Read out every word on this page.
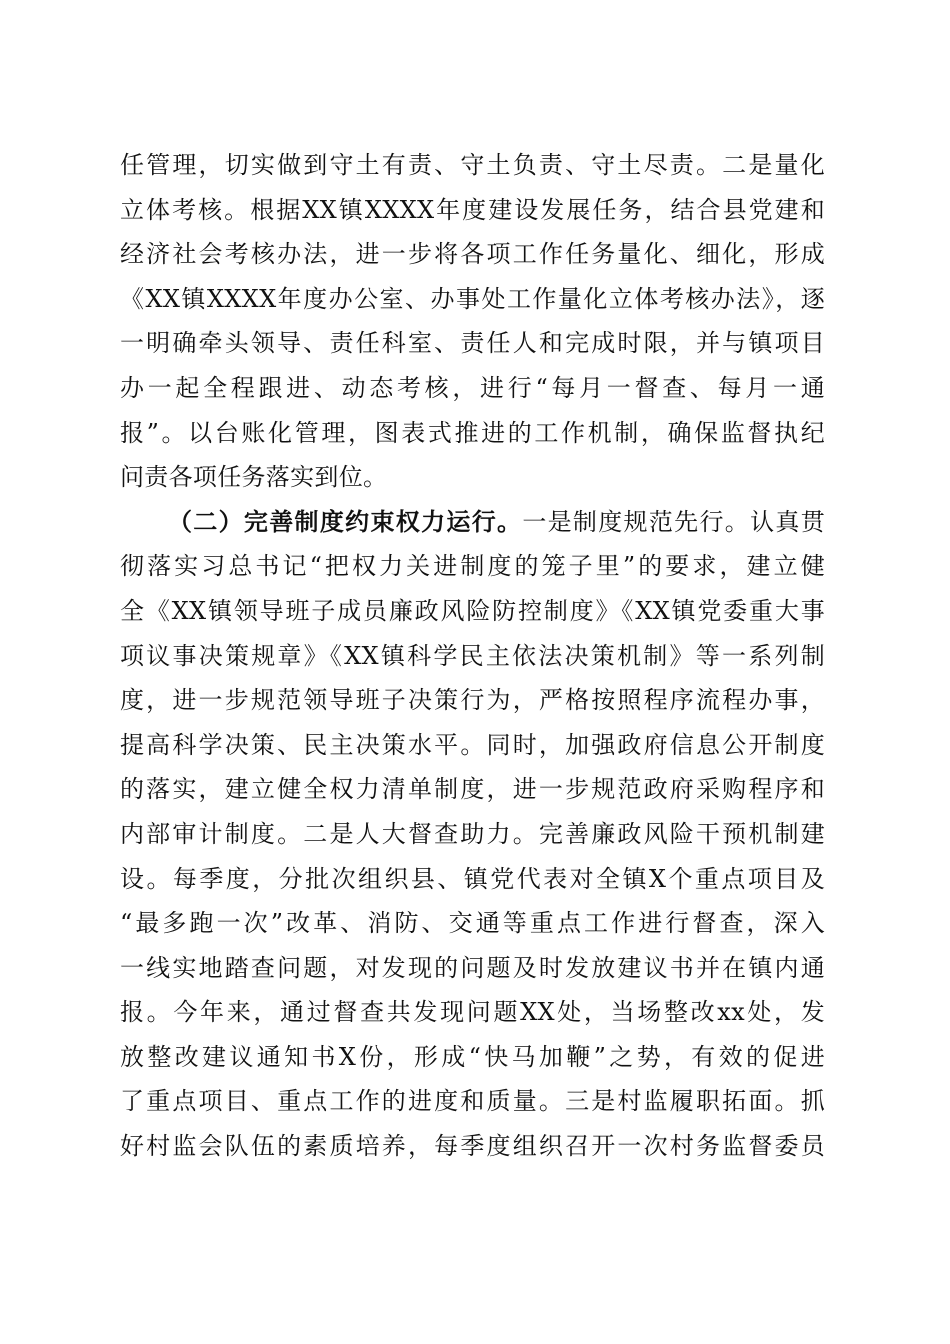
任管理，切实做到守土有责、守土负责、守土尽责。二是量化
立体考核。根据XX镇XXXX年度建设发展任务，结合县党建和
经济社会考核办法，进一步将各项工作任务量化、细化，形成
《XX镇XXXX年度办公室、办事处工作量化立体考核办法》，逐
一明确牵头领导、责任科室、责任人和完成时限，并与镇项目
办一起全程跟进、动态考核，进行“每月一督查、每月一通
报”。以台账化管理，图表式推进的工作机制，确保监督执纪
问责各项任务落实到位。
（二）完善制度约束权力运行。一是制度规范先行。认真贯
彻落实习总书记“把权力关进制度的笼子里”的要求，建立健
全《XX镇领导班子成员廉政风险防控制度》《XX镇党委重大事
项议事决策规章》《XX镇科学民主依法决策机制》等一系列制
度，进一步规范领导班子决策行为，严格按照程序流程办事，
提高科学决策、民主决策水平。同时，加强政府信息公开制度
的落实，建立健全权力清单制度，进一步规范政府采购程序和
内部审计制度。二是人大督查助力。完善廉政风险干预机制建
设。每季度，分批次组织县、镇党代表对全镇X个重点项目及
“最多跑一次”改革、消防、交通等重点工作进行督查，深入
一线实地踏查问题，对发现的问题及时发放建议书并在镇内通
报。今年来，通过督查共发现问题XX处，当场整改xx处，发
放整改建议通知书X份，形成“快马加鞭”之势，有效的促进
了重点项目、重点工作的进度和质量。三是村监履职拓面。抓
好村监会队伍的素质培养，每季度组织召开一次村务监督委员
